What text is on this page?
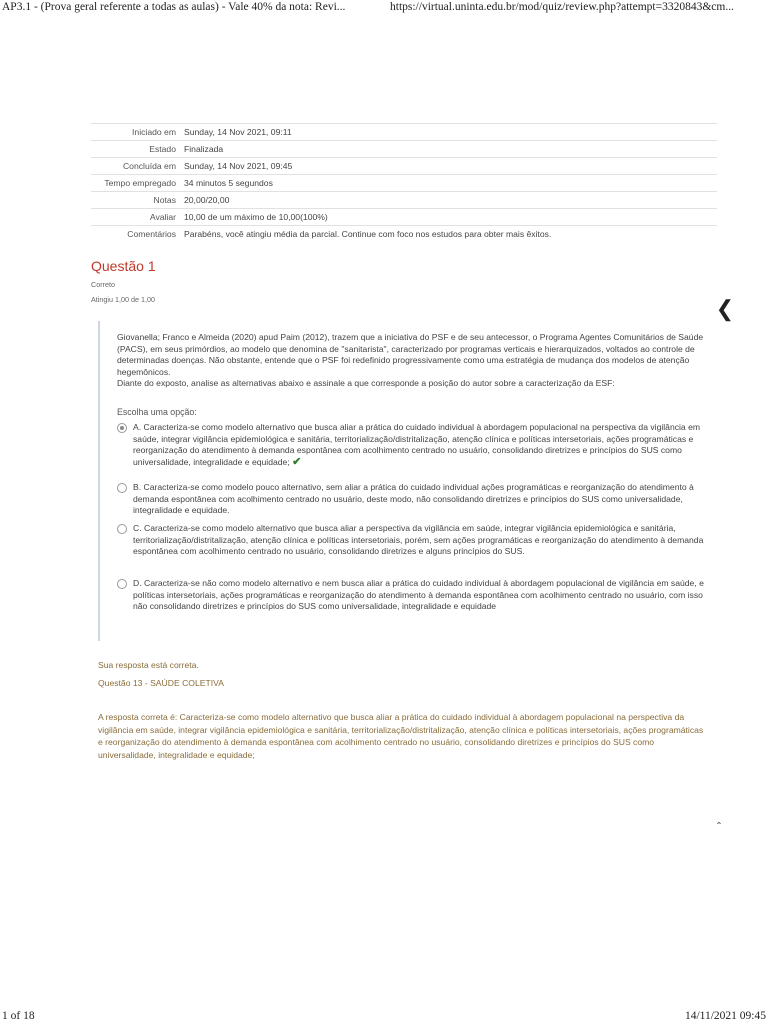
AP3.1 - (Prova geral referente a todas as aulas) - Vale 40% da nota: Revi...	https://virtual.uninta.edu.br/mod/quiz/review.php?attempt=3320843&cm...
Iniciado em	Sunday, 14 Nov 2021, 09:11
Estado	Finalizada
Concluída em	Sunday, 14 Nov 2021, 09:45
Tempo empregado	34 minutos 5 segundos
Notas	20,00/20,00
Avaliar	10,00 de um máximo de 10,00(100%)
Comentários	Parabéns, você atingiu média da parcial. Continue com foco nos estudos para obter mais êxitos.
Questão 1
Correto
Atingiu 1,00 de 1,00	❮

Giovanella; Franco e Almeida (2020) apud Paim (2012), trazem que a iniciativa do PSF e de seu antecessor, o Programa Agentes Comunitários de Saúde (PACS), em seus primórdios, ao modelo que denomina de "sanitarista", caracterizado por programas verticais e hierarquizados, voltados ao controle de determinadas doenças. Não obstante, entende que o PSF foi redefinido progressivamente como uma estratégia de mudança dos modelos de atenção hegemônicos.

Diante do exposto, analise as alternativas abaixo e assinale a que corresponde a posição do autor sobre a caracterização da ESF:

Escolha uma opção:
A. Caracteriza-se como modelo alternativo que busca aliar a prática do cuidado individual à abordagem populacional na perspectiva da vigilância em saúde, integrar vigilância epidemiológica e sanitária, territorialização/distritalização, atenção clínica e políticas intersetoriais, ações programáticas e reorganização do atendimento à demanda espontânea com acolhimento centrado no usuário, consolidando diretrizes e princípios do SUS como universalidade, integralidade e equidade; ✔
B. Caracteriza-se como modelo pouco alternativo, sem aliar a prática do cuidado individual ações programáticas e reorganização do atendimento à demanda espontânea com acolhimento centrado no usuário, deste modo, não consolidando diretrizes e princípios do SUS como universalidade, integralidade e equidade.
C. Caracteriza-se como modelo alternativo que busca aliar a perspectiva da vigilância em saúde, integrar vigilância epidemiológica e sanitária, territorialização/distritalização, atenção clínica e políticas intersetoriais, porém, sem ações programáticas e reorganização do atendimento à demanda espontânea com acolhimento centrado no usuário, consolidando diretrizes e alguns princípios do SUS.
D. Caracteriza-se não como modelo alternativo e nem busca aliar a prática do cuidado individual à abordagem populacional de vigilância em saúde, e políticas intersetoriais, ações programáticas e reorganização do atendimento à demanda espontânea com acolhimento centrado no usuário, com isso não consolidando diretrizes e princípios do SUS como universalidade, integralidade e equidade
Sua resposta está correta.
Questão 13 - SAÚDE COLETIVA
A resposta correta é: Caracteriza-se como modelo alternativo que busca aliar a prática do cuidado individual à abordagem populacional na perspectiva da vigilância em saúde, integrar vigilância epidemiológica e sanitária, territorialização/distritalização, atenção clínica e políticas intersetoriais, ações programáticas e reorganização do atendimento à demanda espontânea com acolhimento centrado no usuário, consolidando diretrizes e princípios do SUS como universalidade, integralidade e equidade;
ˆ
1 of 18	14/11/2021 09:45
